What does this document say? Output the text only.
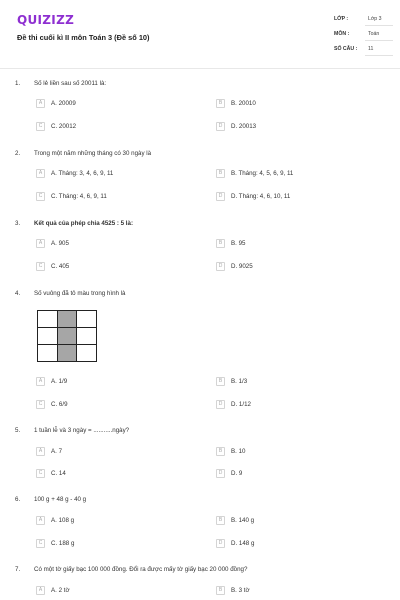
QUIZIZZ
Đề thi cuối kì II môn Toán 3 (Đề số 10)
LỚP :	Lớp 3
MÔN :	Toán
SỐ CÂU : 11
1. Số lẻ liền sau số 20011 là:
A	A. 20009	B	B. 20010
C	C. 20012	D	D. 20013
2. Trong một năm những tháng có 30 ngày là
A	A. Tháng: 3, 4, 6, 9, 11	B	B. Tháng: 4, 5, 6, 9, 11
C	C. Tháng: 4, 6, 9, 11	D	D. Tháng: 4, 6, 10, 11
3. Kết quả của phép chia 4525 : 5 là:
A	A. 905	B	B. 95
C	C. 405	D	D. 9025
4. Số vuông đã tô màu trong hình là
A	A. 1/9	B	B. 1/3
C	C. 6/9	D	D. 1/12
5. 1 tuần lễ và 3 ngày = ...........ngày?
A	A. 7	B	B. 10
C	C. 14	D	D. 9
6. 100 g + 48 g - 40 g
A	A. 108 g	B	B. 140 g
C	C. 188 g	D	D. 148 g
7. Có một tờ giấy bạc 100 000 đồng. Đổi ra được mấy tờ giấy bạc 20 000 đồng?
A	A. 2 tờ	B	B. 3 tờ
